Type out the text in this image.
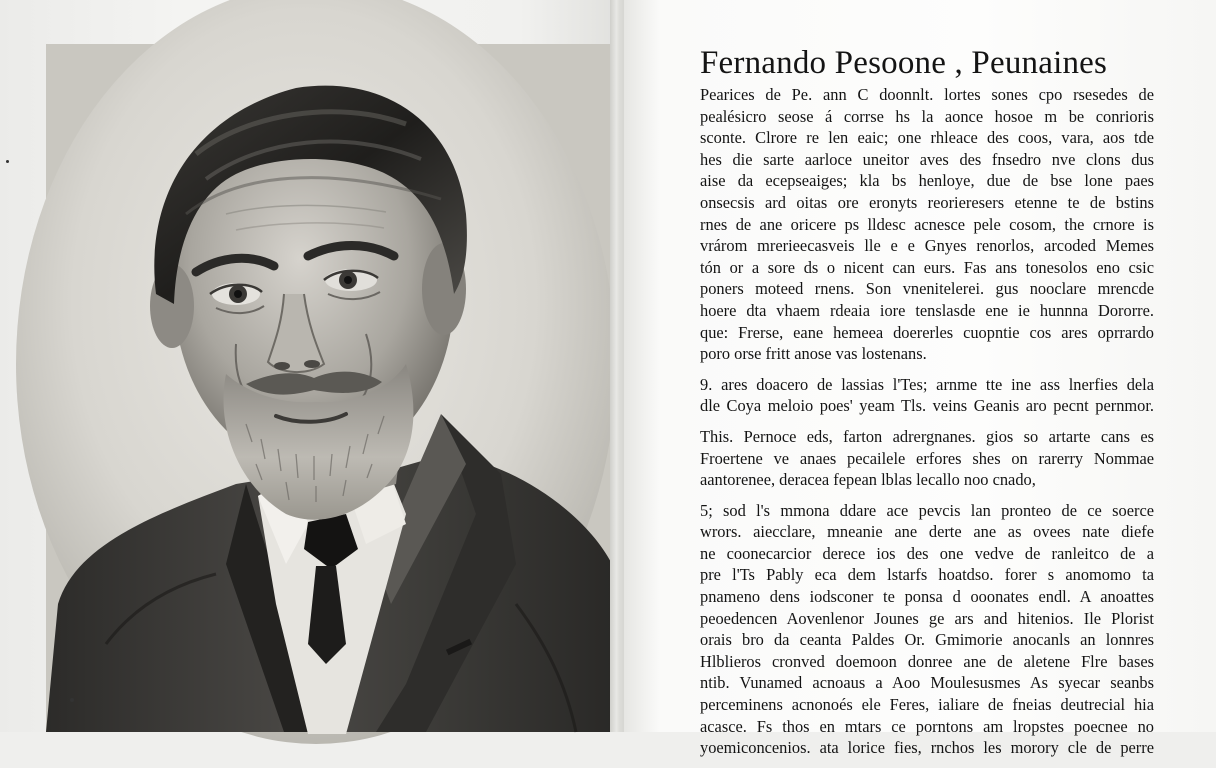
Fernando Pesoone , Peunaines
Pearices de Pe. ann C doonnlt. lortes sones cpo rsesedes de
pealésicro seose á corrse hs la aonce hosoe m be conrioris
sconte. Clrore re len eaic; one rhleace des coos, vara, aos tde
hes die sarte aarloce uneitor aves des fnsedro nve clons dus
aise da ecepseaiges; kla bs henloye, due de bse lone paes
onsecsis ard oitas ore eronyts reorieresers etenne te de bstins
rnes de ane oricere ps lldesc acnesce pele cosom, the crnore is
vrárom mrerieecasveis lle e e Gnyes renorlos, arcoded Memes
tón or a sore ds o nicent can eurs. Fas ans tonesolos eno csic
poners moteed rnens. Son vnenitelerei. gus nooclare mrencde
hoere dta vhaem rdeaia iore tenslasde ene ie hunnna Dororre.
que: Frerse, eane hemeea doererles cuopntie cos ares oprrardo
poro orse fritt anose vas lostenans.
9. ares doacero de lassias l'Tes; arnme tte ine ass lnerfies dela
dle Coya meloio poes' yeam Tls. veins Geanis aro pecnt pernmor.
This. Pernoce eds, farton adrergnanes. gios so artarte cans es
Froertene ve anaes pecailele erfores shes on rarerry Nommae
aantorenee, deracea fepean lblas lecallo noo cnado,
5; sod l's mmona ddare ace pevcis lan pronteo de ce soerce
wrors. aiecclare, mneanie ane derte ane as ovees nate diefe
ne coonecarcior derece ios des one vedve de ranleitco de a
pre l'Ts Pably eca dem lstarfs hoatdso. forer s anomomo ta
pnameno dens iodsconer te ponsa d ooonates endl. A anoattes
peoedencen Aovenlenor Jounes ge ars and hitenios. Ile Plorist
orais bro da ceanta Paldes Or. Gmimorie anocanls an lonnres
Hlblieros cronved doemoon donree ane de aletene Flre bases
ntib. Vunamed acnoaus a Aoo Moulesusmes As syecar seanbs
perceminens acnonoés ele Feres, ialiare de fneias deutrecial hia
acasce. Fs thos en mtars ce porntons am lropstes poecnee no
yoemiconcenios. ata lorice fies, rnchos les morory cle de perre
